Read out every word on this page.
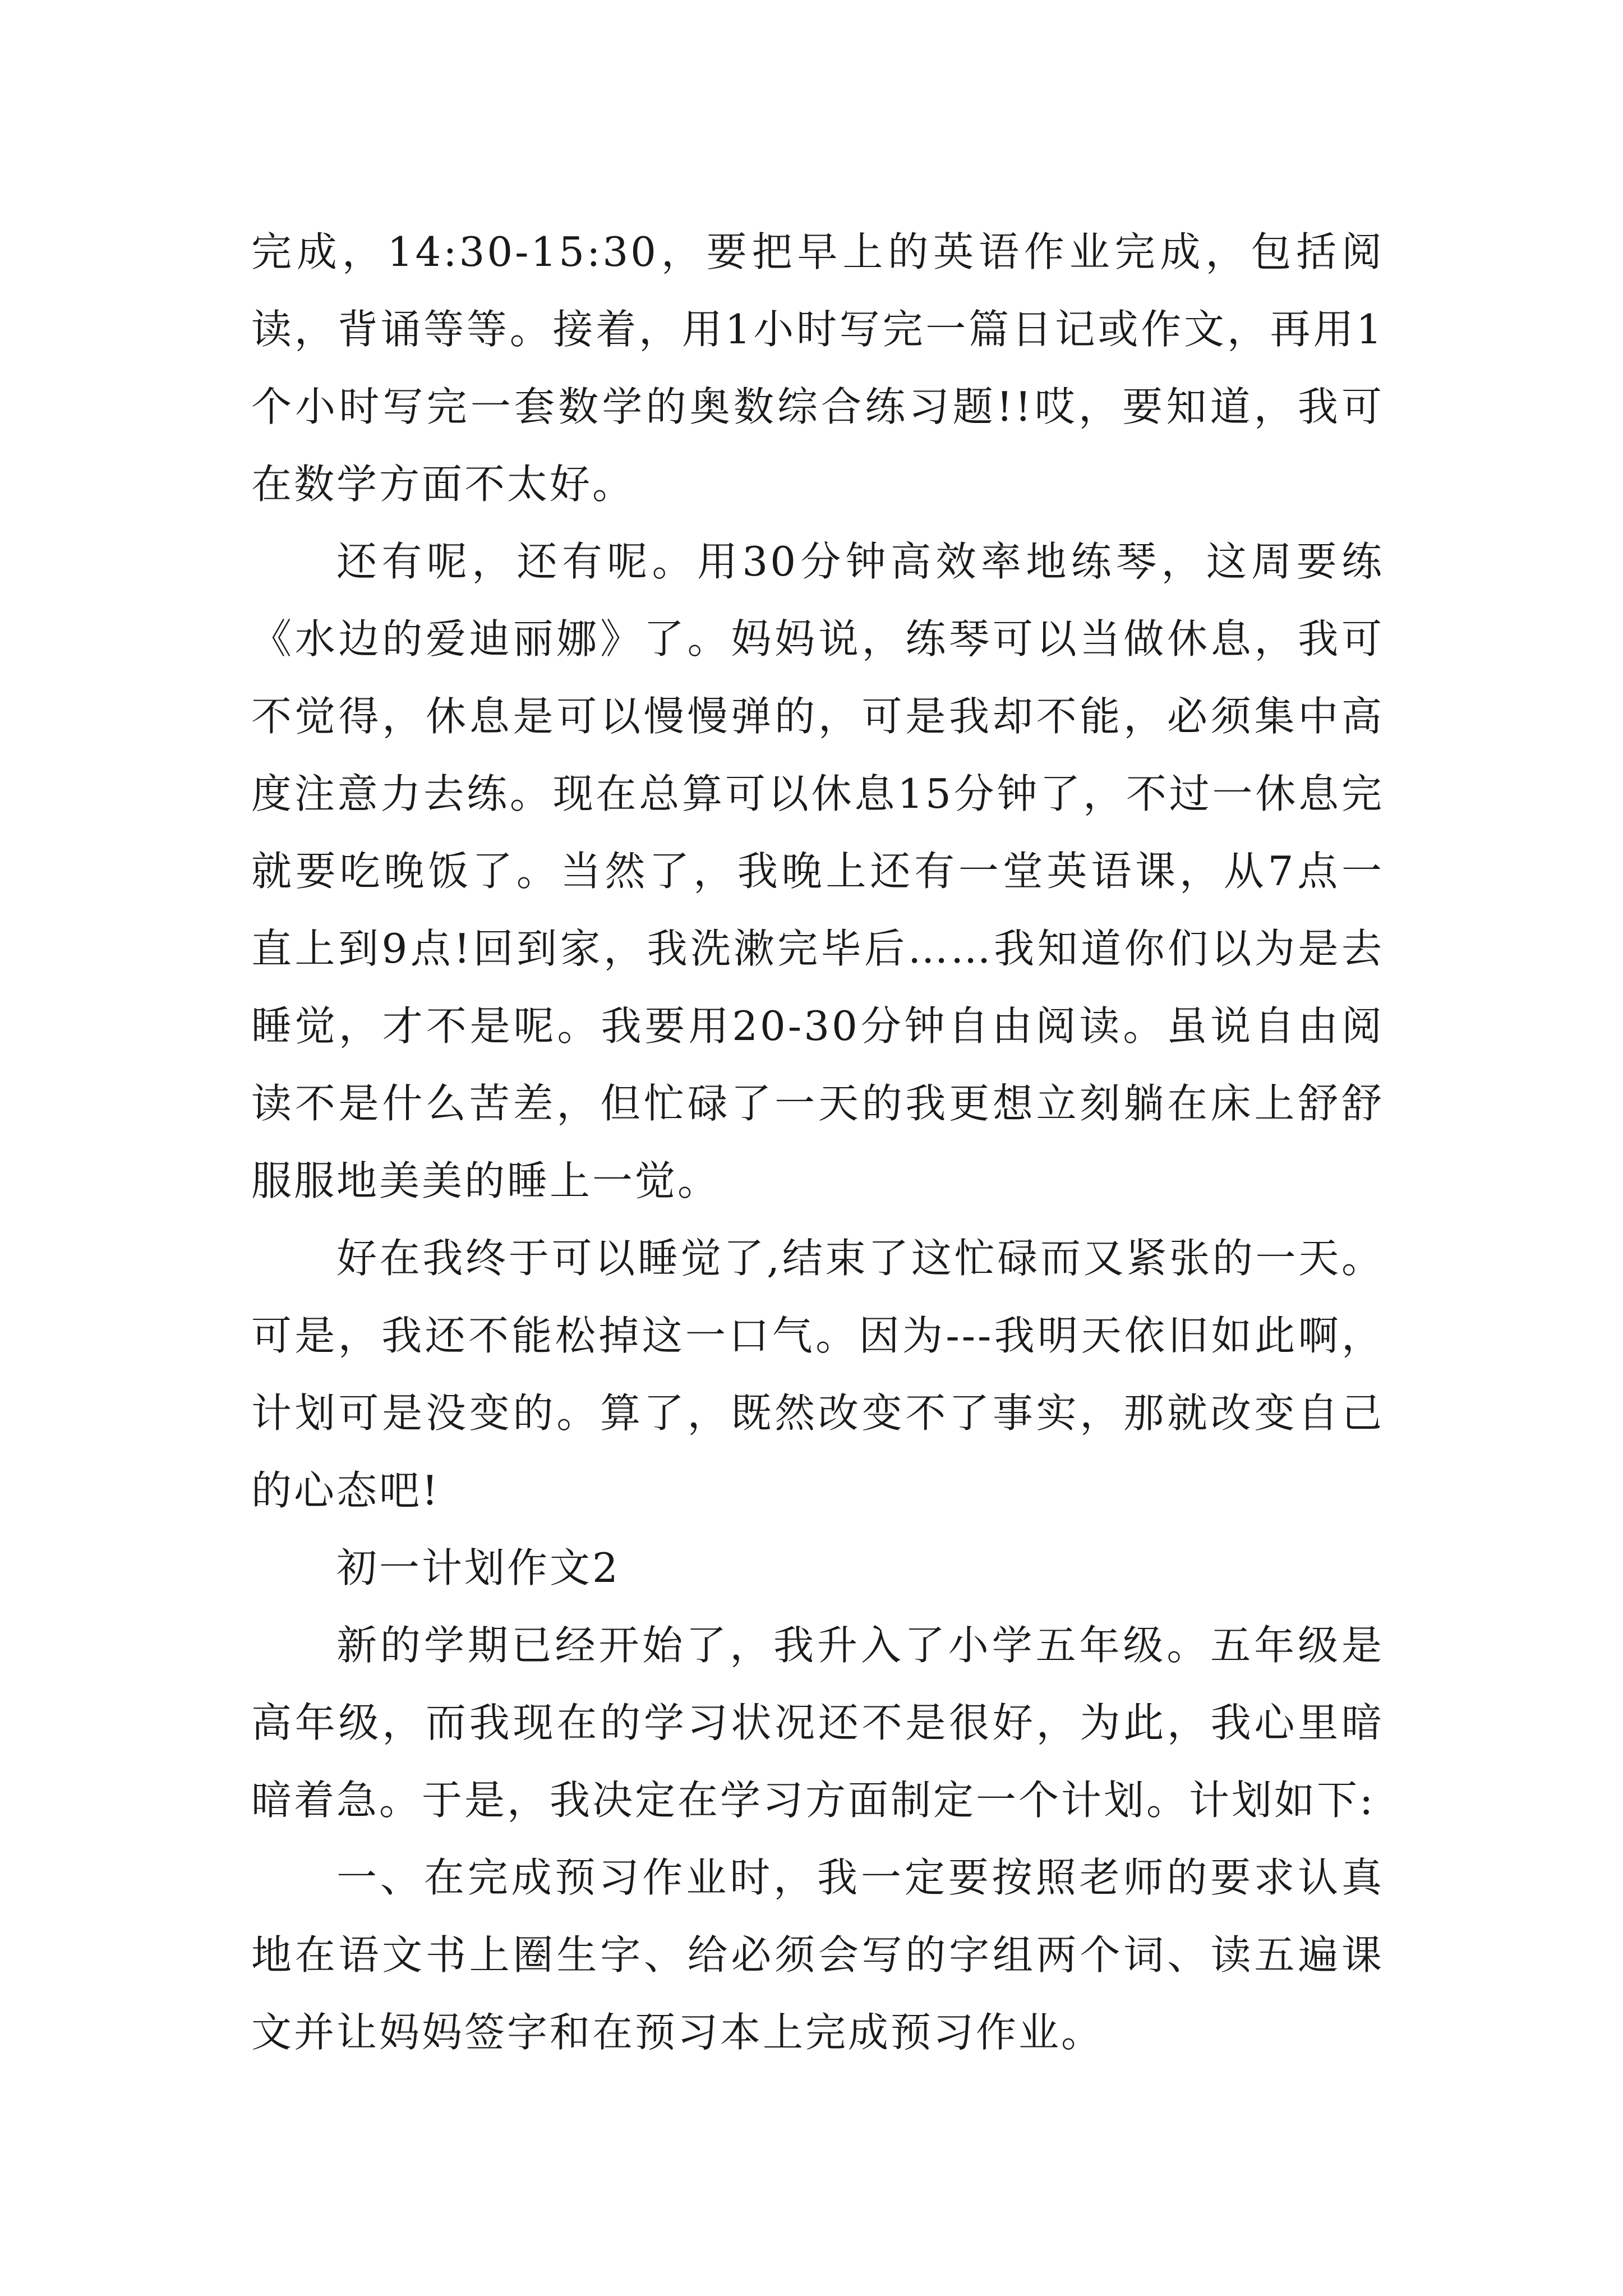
完成，14:30-15:30，要把早上的英语作业完成，包括阅读，背诵等等。接着，用1小时写完一篇日记或作文，再用1个小时写完一套数学的奥数综合练习题!!哎，要知道，我可在数学方面不太好。

还有呢，还有呢。用30分钟高效率地练琴，这周要练《水边的爱迪丽娜》了。妈妈说，练琴可以当做休息，我可不觉得，休息是可以慢慢弹的，可是我却不能，必须集中高度注意力去练。现在总算可以休息15分钟了，不过一休息完就要吃晚饭了。当然了，我晚上还有一堂英语课，从7点一直上到9点!回到家，我洗漱完毕后……我知道你们以为是去睡觉，才不是呢。我要用20-30分钟自由阅读。虽说自由阅读不是什么苦差，但忙碌了一天的我更想立刻躺在床上舒舒服服地美美的睡上一觉。

好在我终于可以睡觉了,结束了这忙碌而又紧张的一天。可是，我还不能松掉这一口气。因为---我明天依旧如此啊，计划可是没变的。算了，既然改变不了事实，那就改变自己的心态吧!

初一计划作文2

新的学期已经开始了，我升入了小学五年级。五年级是高年级，而我现在的学习状况还不是很好，为此，我心里暗暗着急。于是，我决定在学习方面制定一个计划。计划如下:

一、在完成预习作业时，我一定要按照老师的要求认真地在语文书上圈生字、给必须会写的字组两个词、读五遍课文并让妈妈签字和在预习本上完成预习作业。
